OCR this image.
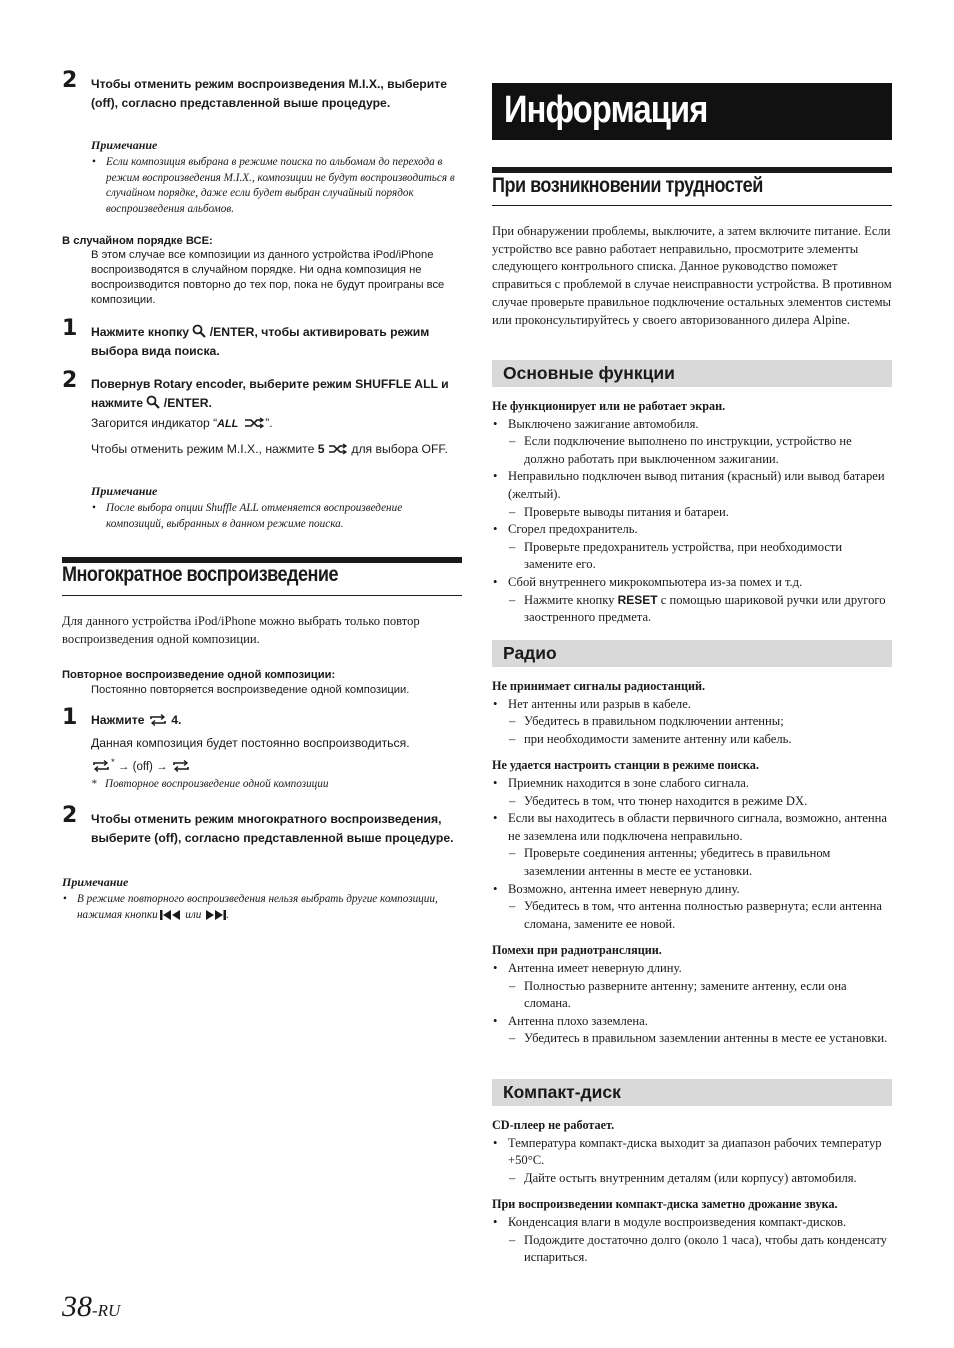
2 Чтобы отменить режим воспроизведения M.I.X., выберите (off), согласно представленной выше процедуре.
Примечание
• Если композиция выбрана в режиме поиска по альбомам до перехода в режим воспроизведения M.I.X., композиции не будут воспроизводиться в случайном порядке, даже если будет выбран случайный порядок воспроизведения альбомов.
В случайном порядке ВСЕ:
В этом случае все композиции из данного устройства iPod/iPhone воспроизводятся в случайном порядке. Ни одна композиция не воспроизводится повторно до тех пор, пока не будут проиграны все композиции.
1 Нажмите кнопку  /ENTER, чтобы активировать режим выбора вида поиска.
2 Повернув Rotary encoder, выберите режим SHUFFLE ALL и нажмите  /ENTER.
Загорится индикатор “ ALL ”.
Чтобы отменить режим M.I.X., нажмите 5  для выбора OFF.
Примечание
• После выбора опции Shuffle ALL отменяется воспроизведение композиций, выбранных в данном режиме поиска.
Многократное воспроизведение
Для данного устройства iPod/iPhone можно выбрать только повтор воспроизведения одной композиции.
Повторное воспроизведение одной композиции:
Постоянно повторяется воспроизведение одной композиции.
1 Нажмите  4.
Данная композиция будет постоянно воспроизводиться.
* → (off) →
* Повторное воспроизведение одной композиции
2 Чтобы отменить режим многократного воспроизведения, выберите (off), согласно представленной выше процедуре.
Примечание
• В режиме повторного воспроизведения нельзя выбрать другие композиции, нажимая кнопки  или .
Информация
При возникновении трудностей
При обнаружении проблемы, выключите, а затем включите питание. Если устройство все равно работает неправильно, просмотрите элементы следующего контрольного списка. Данное руководство поможет справиться с проблемой в случае неисправности устройства. В противном случае проверьте правильное подключение остальных элементов системы или проконсультируйтесь у своего авторизованного дилера Alpine.
Основные функции
Не функционирует или не работает экран.
• Выключено зажигание автомобиля.
– Если подключение выполнено по инструкции, устройство не должно работать при выключенном зажигании.
• Неправильно подключен вывод питания (красный) или вывод батареи (желтый).
– Проверьте выводы питания и батареи.
• Сгорел предохранитель.
– Проверьте предохранитель устройства, при необходимости замените его.
• Сбой внутреннего микрокомпьютера из-за помех и т.д.
– Нажмите кнопку RESET с помощью шариковой ручки или другого заостренного предмета.
Радио
Не принимает сигналы радиостанций.
• Нет антенны или разрыв в кабеле.
– Убедитесь в правильном подключении антенны;
– при необходимости замените антенну или кабель.
Не удается настроить станции в режиме поиска.
• Приемник находится в зоне слабого сигнала.
– Убедитесь в том, что тюнер находится в режиме DX.
• Если вы находитесь в области первичного сигнала, возможно, антенна не заземлена или подключена неправильно.
– Проверьте соединения антенны; убедитесь в правильном заземлении антенны в месте ее установки.
• Возможно, антенна имеет неверную длину.
– Убедитесь в том, что антенна полностью развернута; если антенна сломана, замените ее новой.
Помехи при радиотрансляции.
• Антенна имеет неверную длину.
– Полностью разверните антенну; замените антенну, если она сломана.
• Антенна плохо заземлена.
– Убедитесь в правильном заземлении антенны в месте ее установки.
Компакт-диск
CD-плеер не работает.
• Температура компакт-диска выходит за диапазон рабочих температур +50°C.
– Дайте остыть внутренним деталям (или корпусу) автомобиля.
При воспроизведении компакт-диска заметно дрожание звука.
• Конденсация влаги в модуле воспроизведения компакт-дисков.
– Подождите достаточно долго (около 1 часа), чтобы дать конденсату испариться.
38-RU
